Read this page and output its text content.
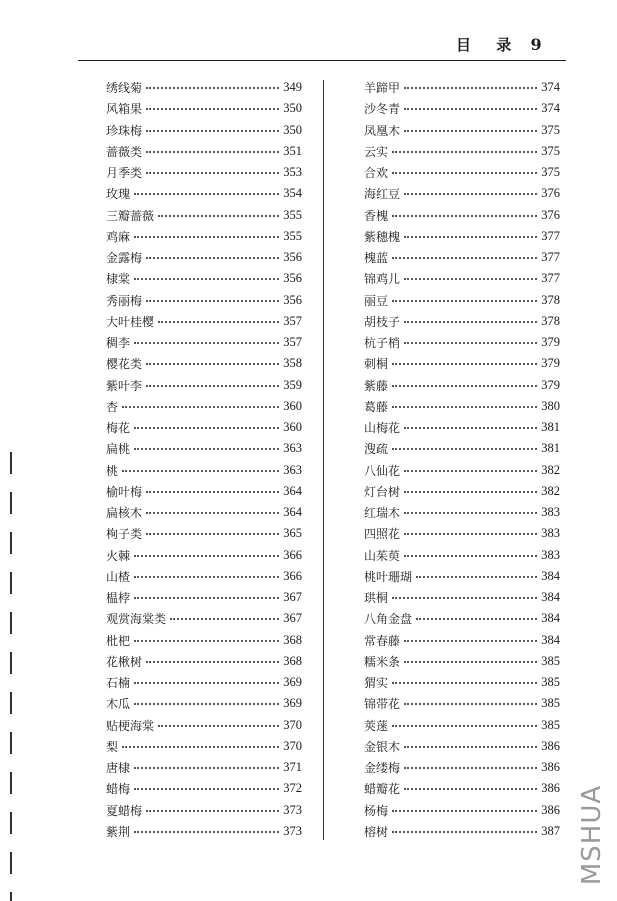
目 录 9
绣线菊	349
风箱果	350
珍珠梅	350
蔷薇类	351
月季类	353
玫瑰	354
三瓣蔷薇	355
鸡麻	355
金露梅	356
棣棠	356
秀丽梅	356
大叶桂樱	357
稠李	357
樱花类	358
紫叶李	359
杏	360
梅花	360
扁桃	363
桃	363
榆叶梅	364
扁核木	364
栒子类	365
火棘	366
山楂	366
榅桲	367
观赏海棠类	367
枇杷	368
花楸树	368
石楠	369
木瓜	369
贴梗海棠	370
梨	370
唐棣	371
蜡梅	372
夏蜡梅	373
紫荆	373
羊蹄甲	374
沙冬青	374
凤凰木	375
云实	375
合欢	375
海红豆	376
香槐	376
紫穗槐	377
槐蓝	377
锦鸡儿	377
丽豆	378
胡枝子	378
杭子梢	379
刺桐	379
紫藤	379
葛藤	380
山梅花	381
溲疏	381
八仙花	382
灯台树	382
红瑞木	383
四照花	383
山茱萸	383
桃叶珊瑚	384
珙桐	384
八角金盘	384
常春藤	384
糯米条	385
猬实	385
锦带花	385
莢蒾	385
金银木	386
金缕梅	386
蜡瓣花	386
杨梅	386
榕树	387 MSHUA
